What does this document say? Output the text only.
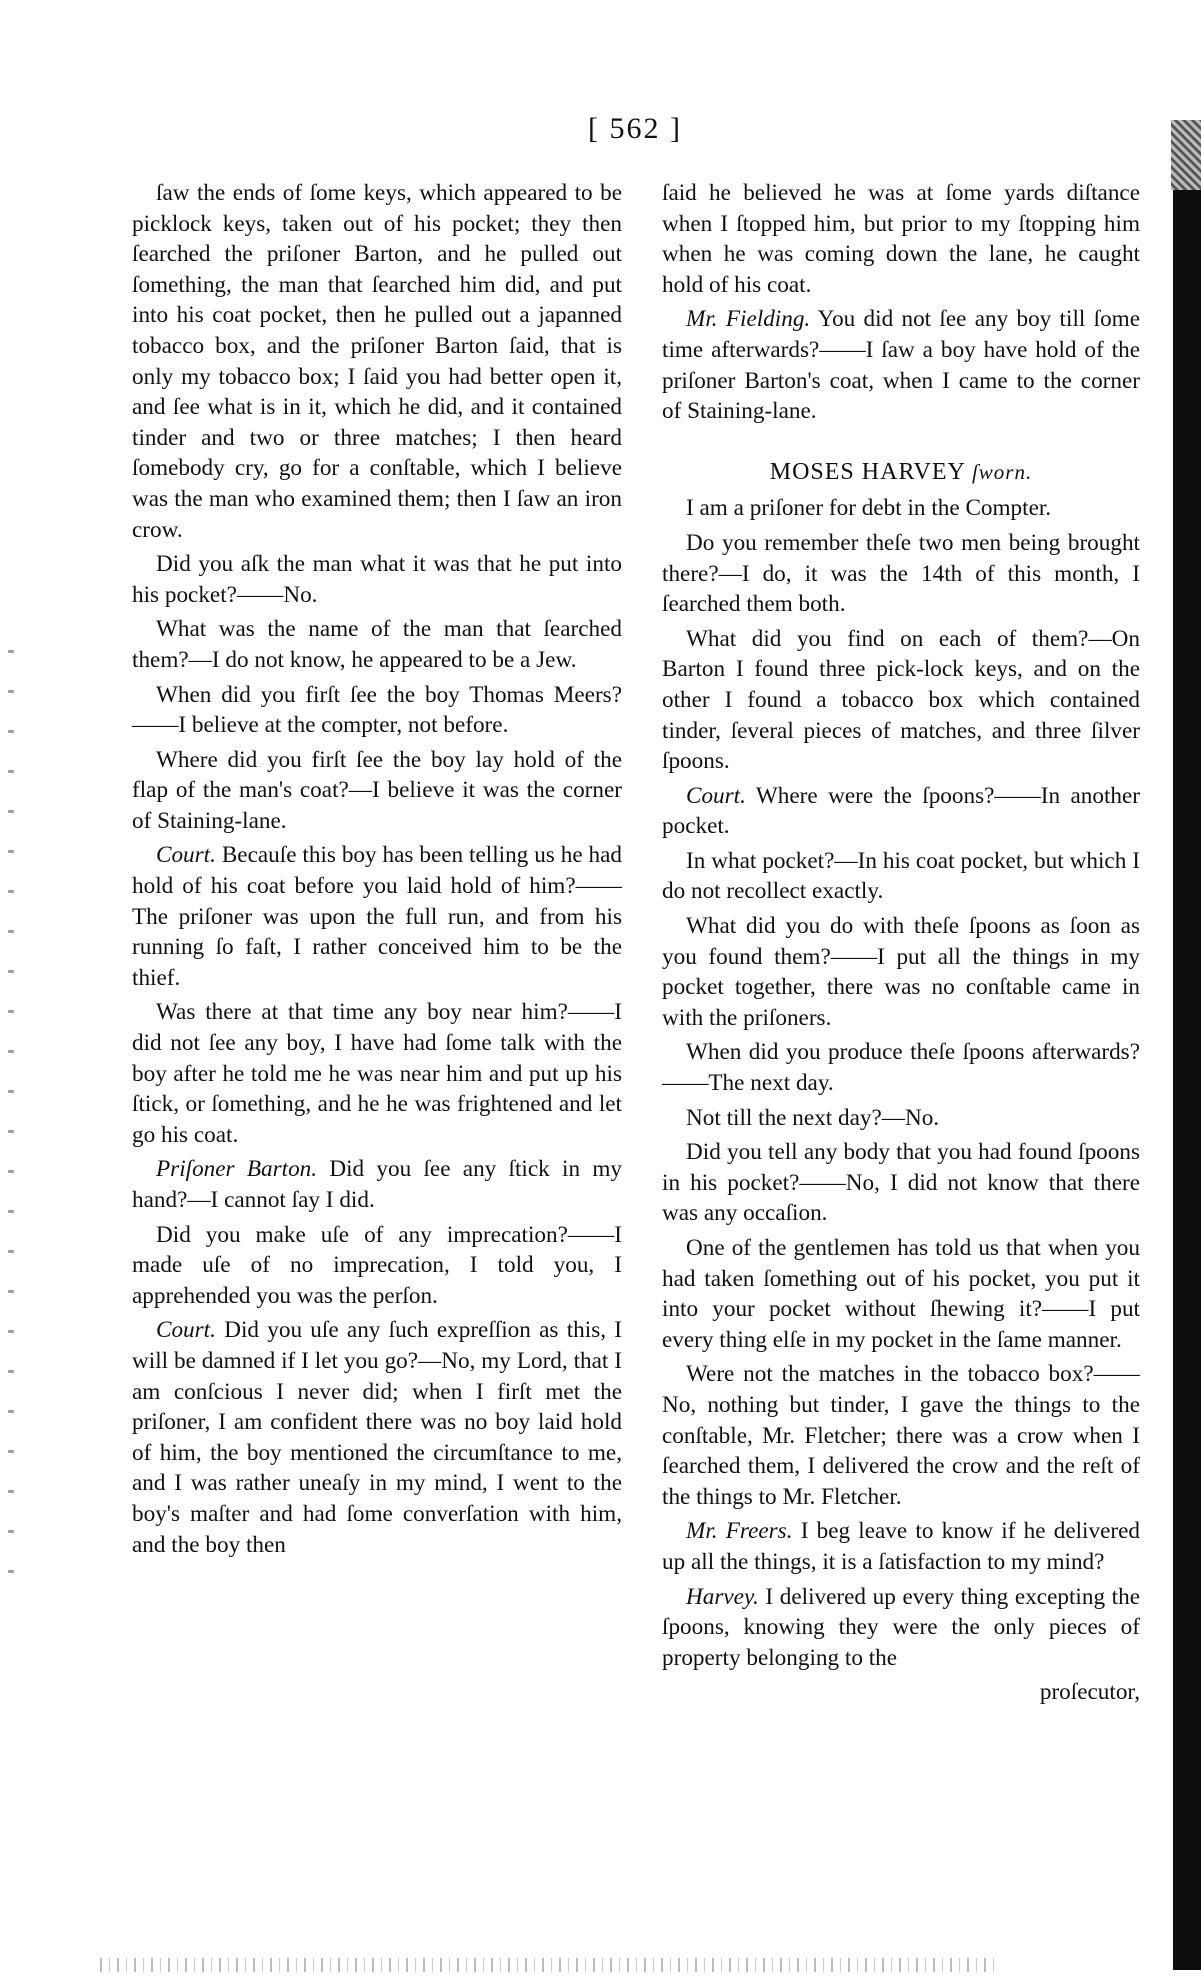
[ 562 ]

ſaw the ends of ſome keys, which appeared to be picklock keys, taken out of his pocket; they then ſearched the priſoner Barton, and he pulled out ſomething, the man that ſearched him did, and put into his coat pocket, then he pulled out a japanned tobacco box, and the priſoner Barton ſaid, that is only my tobacco box; I ſaid you had better open it, and ſee what is in it, which he did, and it contained tinder and two or three matches; I then heard ſomebody cry, go for a conſtable, which I believe was the man who examined them; then I ſaw an iron crow.

Did you aſk the man what it was that he put into his pocket?——No.

What was the name of the man that ſearched them?—I do not know, he appeared to be a Jew.

When did you firſt ſee the boy Thomas Meers?——I believe at the compter, not before.

Where did you firſt ſee the boy lay hold of the flap of the man's coat?—I believe it was the corner of Staining-lane.

Court. Becauſe this boy has been telling us he had hold of his coat before you laid hold of him?——The priſoner was upon the full run, and from his running ſo faſt, I rather conceived him to be the thief.

Was there at that time any boy near him?——I did not ſee any boy, I have had ſome talk with the boy after he told me he was near him and put up his ſtick, or ſomething, and he he was frightened and let go his coat.

Priſoner Barton. Did you ſee any ſtick in my hand?—I cannot ſay I did.

Did you make uſe of any imprecation?——I made uſe of no imprecation, I told you, I apprehended you was the perſon.

Court. Did you uſe any ſuch expreſſion as this, I will be damned if I let you go?—No, my Lord, that I am conſcious I never did; when I firſt met the priſoner, I am confident there was no boy laid hold of him, the boy mentioned the circumſtance to me, and I was rather uneaſy in my mind, I went to the boy's maſter and had ſome converſation with him, and the boy then

ſaid he believed he was at ſome yards diſtance when I ſtopped him, but prior to my ſtopping him when he was coming down the lane, he caught hold of his coat.

Mr. Fielding. You did not ſee any boy till ſome time afterwards?——I ſaw a boy have hold of the priſoner Barton's coat, when I came to the corner of Staining-lane.

MOSES HARVEY ſworn.

I am a priſoner for debt in the Compter.

Do you remember theſe two men being brought there?—I do, it was the 14th of this month, I ſearched them both.

What did you find on each of them?—On Barton I found three pick-lock keys, and on the other I found a tobacco box which contained tinder, ſeveral pieces of matches, and three ſilver ſpoons.

Court. Where were the ſpoons?——In another pocket.

In what pocket?—In his coat pocket, but which I do not recollect exactly.

What did you do with theſe ſpoons as ſoon as you found them?——I put all the things in my pocket together, there was no conſtable came in with the priſoners.

When did you produce theſe ſpoons afterwards?——The next day.

Not till the next day?—No.

Did you tell any body that you had found ſpoons in his pocket?——No, I did not know that there was any occaſion.

One of the gentlemen has told us that when you had taken ſomething out of his pocket, you put it into your pocket without ſhewing it?——I put every thing elſe in my pocket in the ſame manner.

Were not the matches in the tobacco box?——No, nothing but tinder, I gave the things to the conſtable, Mr. Fletcher; there was a crow when I ſearched them, I delivered the crow and the reſt of the things to Mr. Fletcher.

Mr. Freers. I beg leave to know if he delivered up all the things, it is a ſatisfaction to my mind?

Harvey. I delivered up every thing excepting the ſpoons, knowing they were the only pieces of property belonging to the

proſecutor,
